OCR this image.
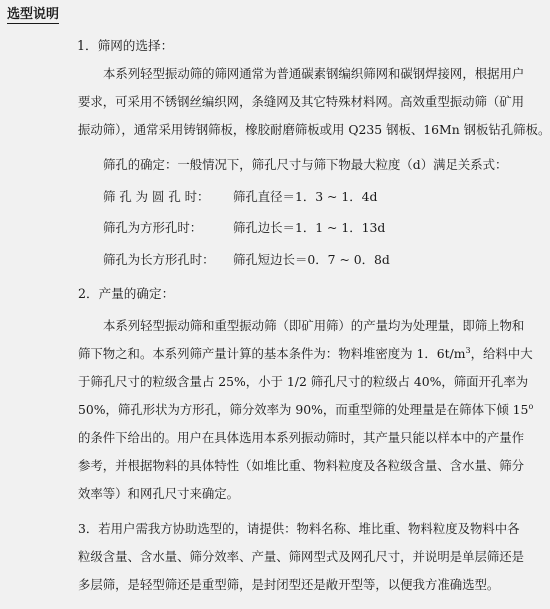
选型说明
1．筛网的选择：
本系列轻型振动筛的筛网通常为普通碳素钢编织筛网和碳钢焊接网，根据用户
要求，可采用不锈钢丝编织网，条缝网及其它特殊材料网。高效重型振动筛（矿用
振动筛），通常采用铸钢筛板，橡胶耐磨筛板或用 Q235 钢板、16Mn 钢板钻孔筛板。
筛孔的确定：一般情况下，筛孔尺寸与筛下物最大粒度（d）满足关系式：
筛 孔 为 圆 孔 时： 筛孔直径＝1．3 ~ 1．4d
筛孔为方形孔时： 筛孔边长＝1．1 ~ 1．13d
筛孔为长方形孔时： 筛孔短边长＝0．7 ~ 0．8d
2．产量的确定：
本系列轻型振动筛和重型振动筛（即矿用筛）的产量均为处理量，即筛上物和
筛下物之和。本系列筛产量计算的基本条件为：物料堆密度为 1．$6t/m^3$，给料中大
于筛孔尺寸的粒级含量占 25%，小于 1/2 筛孔尺寸的粒级占 40%，筛面开孔率为
50%，筛孔形状为方形孔，筛分效率为 90%，而重型筛的处理量是在筛体下倾 15$^o$
的条件下给出的。用户在具体选用本系列振动筛时，其产量只能以样本中的产量作
参考，并根据物料的具体特性（如堆比重、物料粒度及各粒级含量、含水量、筛分
效率等）和网孔尺寸来确定。
3．若用户需我方协助选型的，请提供：物料名称、堆比重、物料粒度及物料中各
粒级含量、含水量、筛分效率、产量、筛网型式及网孔尺寸，并说明是单层筛还是
多层筛，是轻型筛还是重型筛，是封闭型还是敞开型等，以便我方准确选型。
